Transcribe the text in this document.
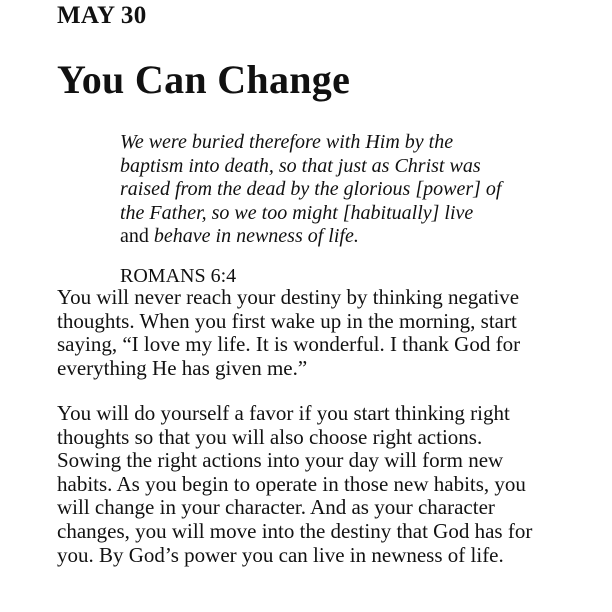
MAY 30
You Can Change
We were buried therefore with Him by the
baptism into death, so that just as Christ was
raised from the dead by the glorious [power] of
the Father, so we too might [habitually] live
and behave in newness of life.
ROMANS 6:4
You will never reach your destiny by thinking negative
thoughts. When you first wake up in the morning, start
saying, “I love my life. It is wonderful. I thank God for
everything He has given me.”
You will do yourself a favor if you start thinking right
thoughts so that you will also choose right actions.
Sowing the right actions into your day will form new
habits. As you begin to operate in those new habits, you
will change in your character. And as your character
changes, you will move into the destiny that God has for
you. By God’s power you can live in newness of life.
